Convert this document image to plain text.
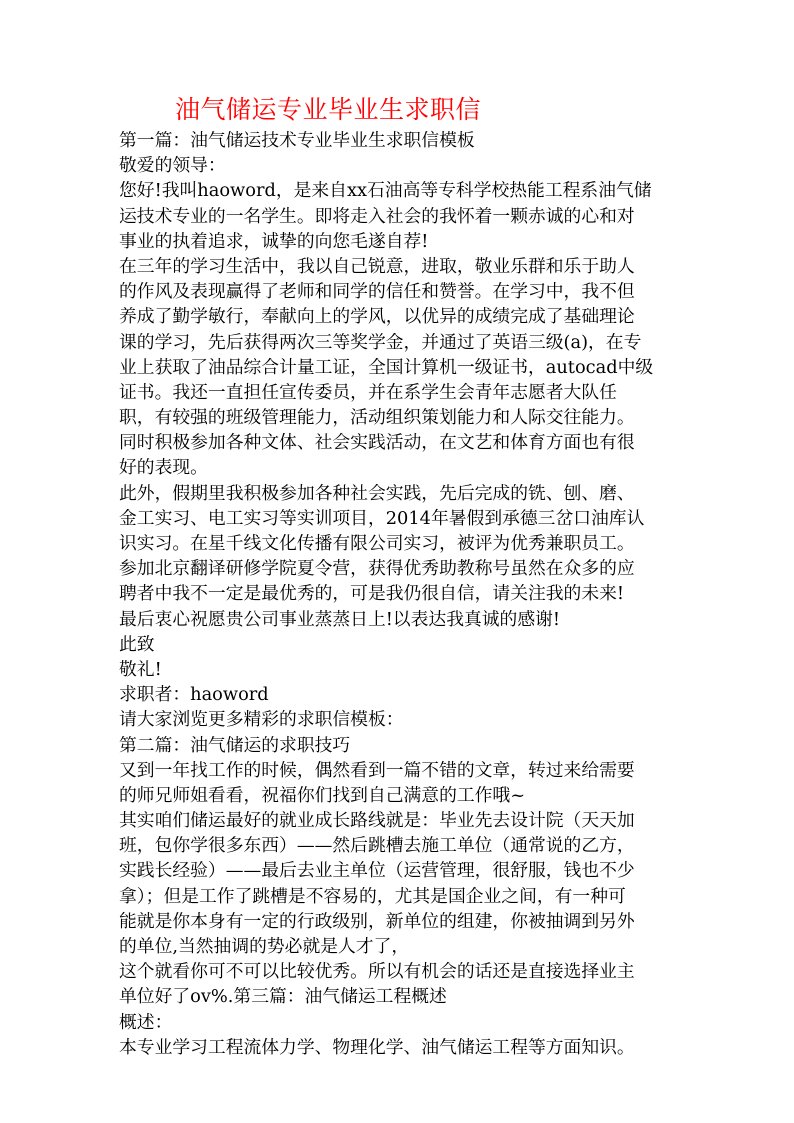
油气储运专业毕业生求职信
第一篇：油气储运技术专业毕业生求职信模板
敬爱的领导：
您好!我叫haoword，是来自xx石油高等专科学校热能工程系油气储
运技术专业的一名学生。即将走入社会的我怀着一颗赤诚的心和对
事业的执着追求，诚挚的向您毛遂自荐!
在三年的学习生活中，我以自己锐意，进取，敬业乐群和乐于助人
的作风及表现赢得了老师和同学的信任和赞誉。在学习中，我不但
养成了勤学敏行，奉献向上的学风，以优异的成绩完成了基础理论
课的学习，先后获得两次三等奖学金，并通过了英语三级(a)，在专
业上获取了油品综合计量工证，全国计算机一级证书，autocad中级
证书。我还一直担任宣传委员，并在系学生会青年志愿者大队任
职，有较强的班级管理能力，活动组织策划能力和人际交往能力。
同时积极参加各种文体、社会实践活动，在文艺和体育方面也有很
好的表现。
此外，假期里我积极参加各种社会实践，先后完成的铣、刨、磨、
金工实习、电工实习等实训项目，2014年暑假到承德三岔口油库认
识实习。在星千线文化传播有限公司实习，被评为优秀兼职员工。
参加北京翻译研修学院夏令营，获得优秀助教称号虽然在众多的应
聘者中我不一定是最优秀的，可是我仍很自信，请关注我的未来!
最后衷心祝愿贵公司事业蒸蒸日上!以表达我真诚的感谢!
此致
敬礼!
求职者：haoword
请大家浏览更多精彩的求职信模板：
第二篇：油气储运的求职技巧
又到一年找工作的时候，偶然看到一篇不错的文章，转过来给需要
的师兄师姐看看，祝福你们找到自己满意的工作哦~
其实咱们储运最好的就业成长路线就是：毕业先去设计院（天天加
班，包你学很多东西）——然后跳槽去施工单位（通常说的乙方，
实践长经验）——最后去业主单位（运营管理，很舒服，钱也不少
拿）；但是工作了跳槽是不容易的，尤其是国企业之间，有一种可
能就是你本身有一定的行政级别，新单位的组建，你被抽调到另外
的单位,当然抽调的势必就是人才了，
这个就看你可不可以比较优秀。所以有机会的话还是直接选择业主
单位好了ov%.第三篇：油气储运工程概述
概述：
本专业学习工程流体力学、物理化学、油气储运工程等方面知识。
